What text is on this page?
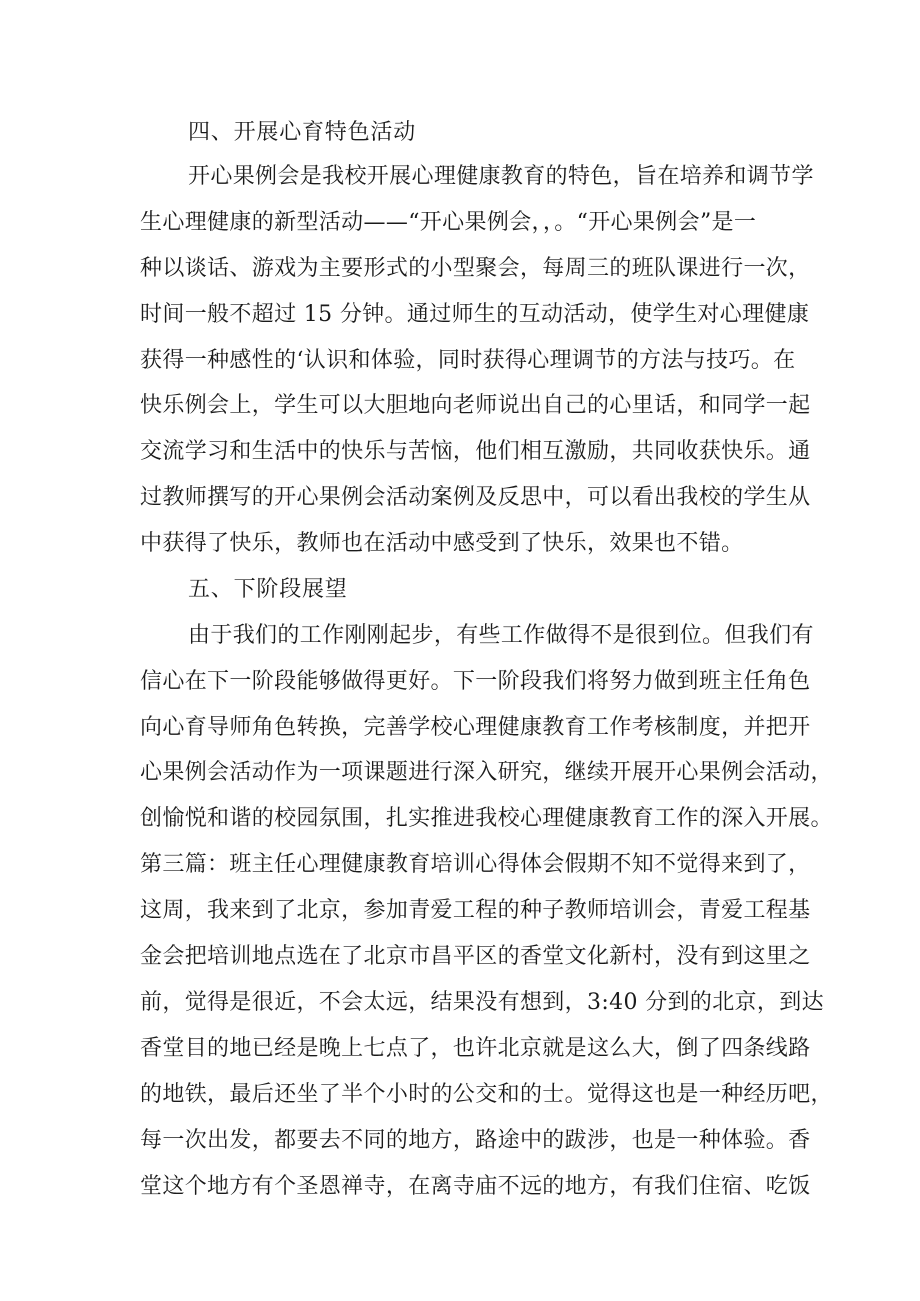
四、开展心育特色活动
开心果例会是我校开展心理健康教育的特色，旨在培养和调节学
生心理健康的新型活动——“开心果例会，，。“开心果例会”是一
种以谈话、游戏为主要形式的小型聚会，每周三的班队课进行一次，
时间一般不超过 15 分钟。通过师生的互动活动，使学生对心理健康
获得一种感性的‘认识和体验，同时获得心理调节的方法与技巧。在
快乐例会上，学生可以大胆地向老师说出自己的心里话，和同学一起
交流学习和生活中的快乐与苦恼，他们相互激励，共同收获快乐。通
过教师撰写的开心果例会活动案例及反思中，可以看出我校的学生从
中获得了快乐，教师也在活动中感受到了快乐，效果也不错。
五、下阶段展望
由于我们的工作刚刚起步，有些工作做得不是很到位。但我们有
信心在下一阶段能够做得更好。下一阶段我们将努力做到班主任角色
向心育导师角色转换，完善学校心理健康教育工作考核制度，并把开
心果例会活动作为一项课题进行深入研究，继续开展开心果例会活动，
创愉悦和谐的校园氛围，扎实推进我校心理健康教育工作的深入开展。
第三篇：班主任心理健康教育培训心得体会假期不知不觉得来到了，
这周，我来到了北京，参加青爱工程的种子教师培训会，青爱工程基
金会把培训地点选在了北京市昌平区的香堂文化新村，没有到这里之
前，觉得是很近，不会太远，结果没有想到，3:40 分到的北京，到达
香堂目的地已经是晚上七点了，也许北京就是这么大，倒了四条线路
的地铁，最后还坐了半个小时的公交和的士。觉得这也是一种经历吧，
每一次出发，都要去不同的地方，路途中的跋涉，也是一种体验。香
堂这个地方有个圣恩禅寺，在离寺庙不远的地方，有我们住宿、吃饭
